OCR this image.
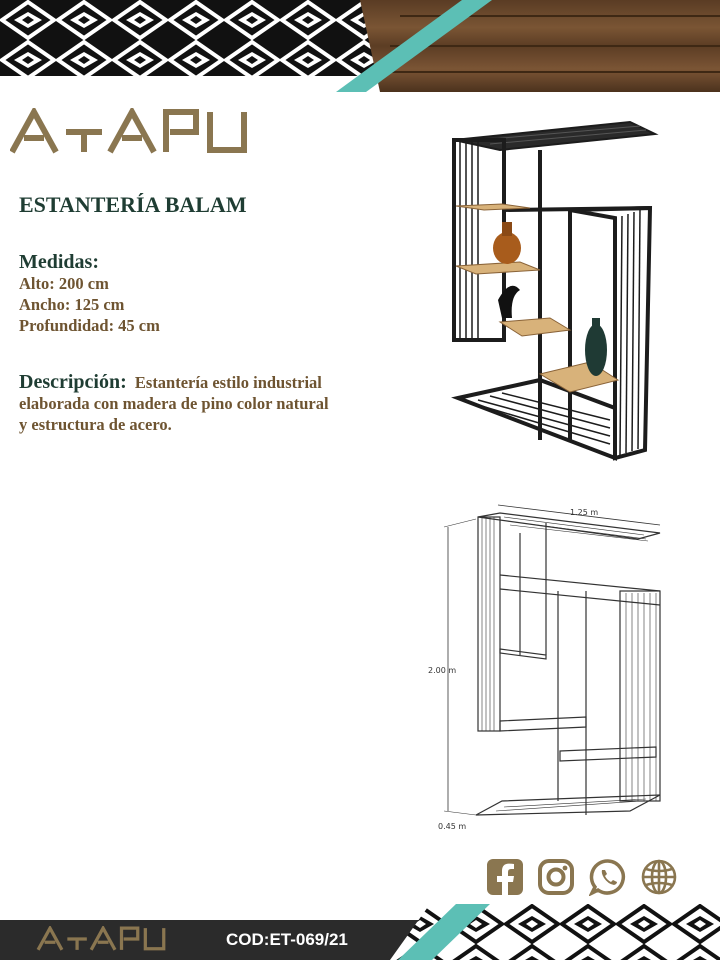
ESTANTERÍA BALAM
Medidas:
Alto: 200 cm
Ancho: 125 cm
Profundidad: 45 cm
Descripción: Estantería estilo industrial elaborada con madera de pino color natural y estructura de acero.
1.25 m
2.00 m
0.45 m
COD:ET-069/21
